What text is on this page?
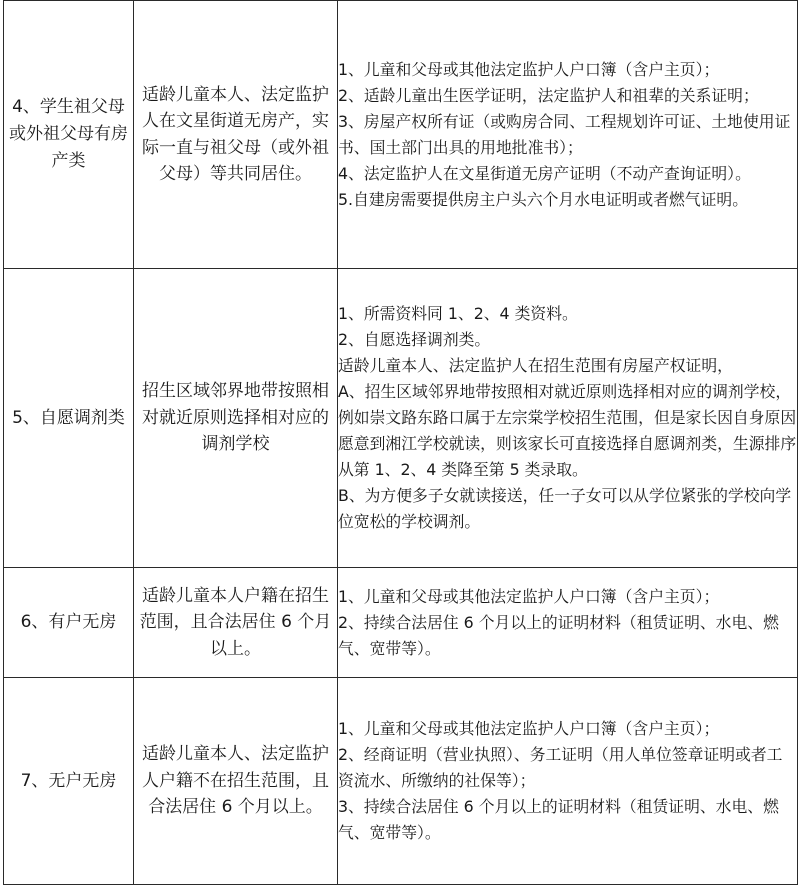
4、学生祖父母或外祖父母有房产类	适龄儿童本人、法定监护人在文星街道无房产，实际一直与祖父母（或外祖父母）等共同居住。	1、儿童和父母或其他法定监护人户口簿（含户主页）；
2、适龄儿童出生医学证明，法定监护人和祖辈的关系证明；
3、房屋产权所有证（或购房合同、工程规划许可证、土地使用证书、国土部门出具的用地批准书）；
4、法定监护人在文星街道无房产证明（不动产查询证明）。
5.自建房需要提供房主户头六个月水电证明或者燃气证明。

5、自愿调剂类	招生区域邻界地带按照相对就近原则选择相对应的调剂学校	1、所需资料同 1、2、4 类资料。
2、自愿选择调剂类。
适龄儿童本人、法定监护人在招生范围有房屋产权证明，
A、招生区域邻界地带按照相对就近原则选择相对应的调剂学校，例如崇文路东路口属于左宗棠学校招生范围，但是家长因自身原因愿意到湘江学校就读，则该家长可直接选择自愿调剂类，生源排序从第 1、2、4 类降至第 5 类录取。
B、为方便多子女就读接送，任一子女可以从学位紧张的学校向学位宽松的学校调剂。

6、有户无房	适龄儿童本人户籍在招生范围，且合法居住 6 个月以上。	1、儿童和父母或其他法定监护人户口簿（含户主页）；
2、持续合法居住 6 个月以上的证明材料（租赁证明、水电、燃气、宽带等）。

7、无户无房	适龄儿童本人、法定监护人户籍不在招生范围，且合法居住 6 个月以上。	1、儿童和父母或其他法定监护人户口簿（含户主页）；
2、经商证明（营业执照）、务工证明（用人单位签章证明或者工资流水、所缴纳的社保等）；
3、持续合法居住 6 个月以上的证明材料（租赁证明、水电、燃气、宽带等）。
